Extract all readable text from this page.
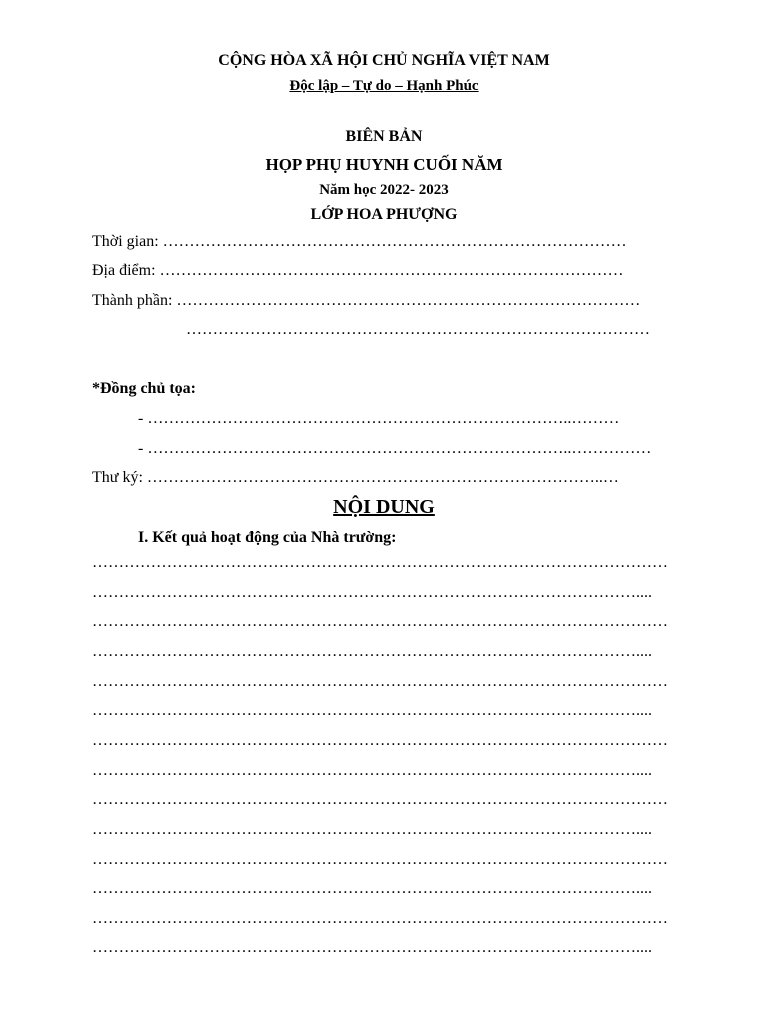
CỘNG HÒA XÃ HỘI CHỦ NGHĨA VIỆT NAM
Độc lập – Tự do – Hạnh Phúc
BIÊN BẢN
HỌP PHỤ HUYNH CUỐI NĂM
Năm học 2022- 2023
LỚP HOA PHƯỢNG
Thời gian: ……………………………………………………………………………
Địa điểm: ……………………………………………………………………………
Thành phần: ……………………………………………………………………………
……………………………………………………………………………
*Đồng chủ tọa:
- ……………………………………………………………………..………
- ……………………………………………………………………..……………
Thư ký: …………………………………………………………………………..…
NỘI DUNG
I. Kết quả hoạt động của Nhà trường:
………………………………………………………………………………………………
…………………………………………………………………………………………....
………………………………………………………………………………………………
…………………………………………………………………………………………....
………………………………………………………………………………………………
…………………………………………………………………………………………....
………………………………………………………………………………………………
…………………………………………………………………………………………....
………………………………………………………………………………………………
…………………………………………………………………………………………....
………………………………………………………………………………………………
…………………………………………………………………………………………....
………………………………………………………………………………………………
…………………………………………………………………………………………....
